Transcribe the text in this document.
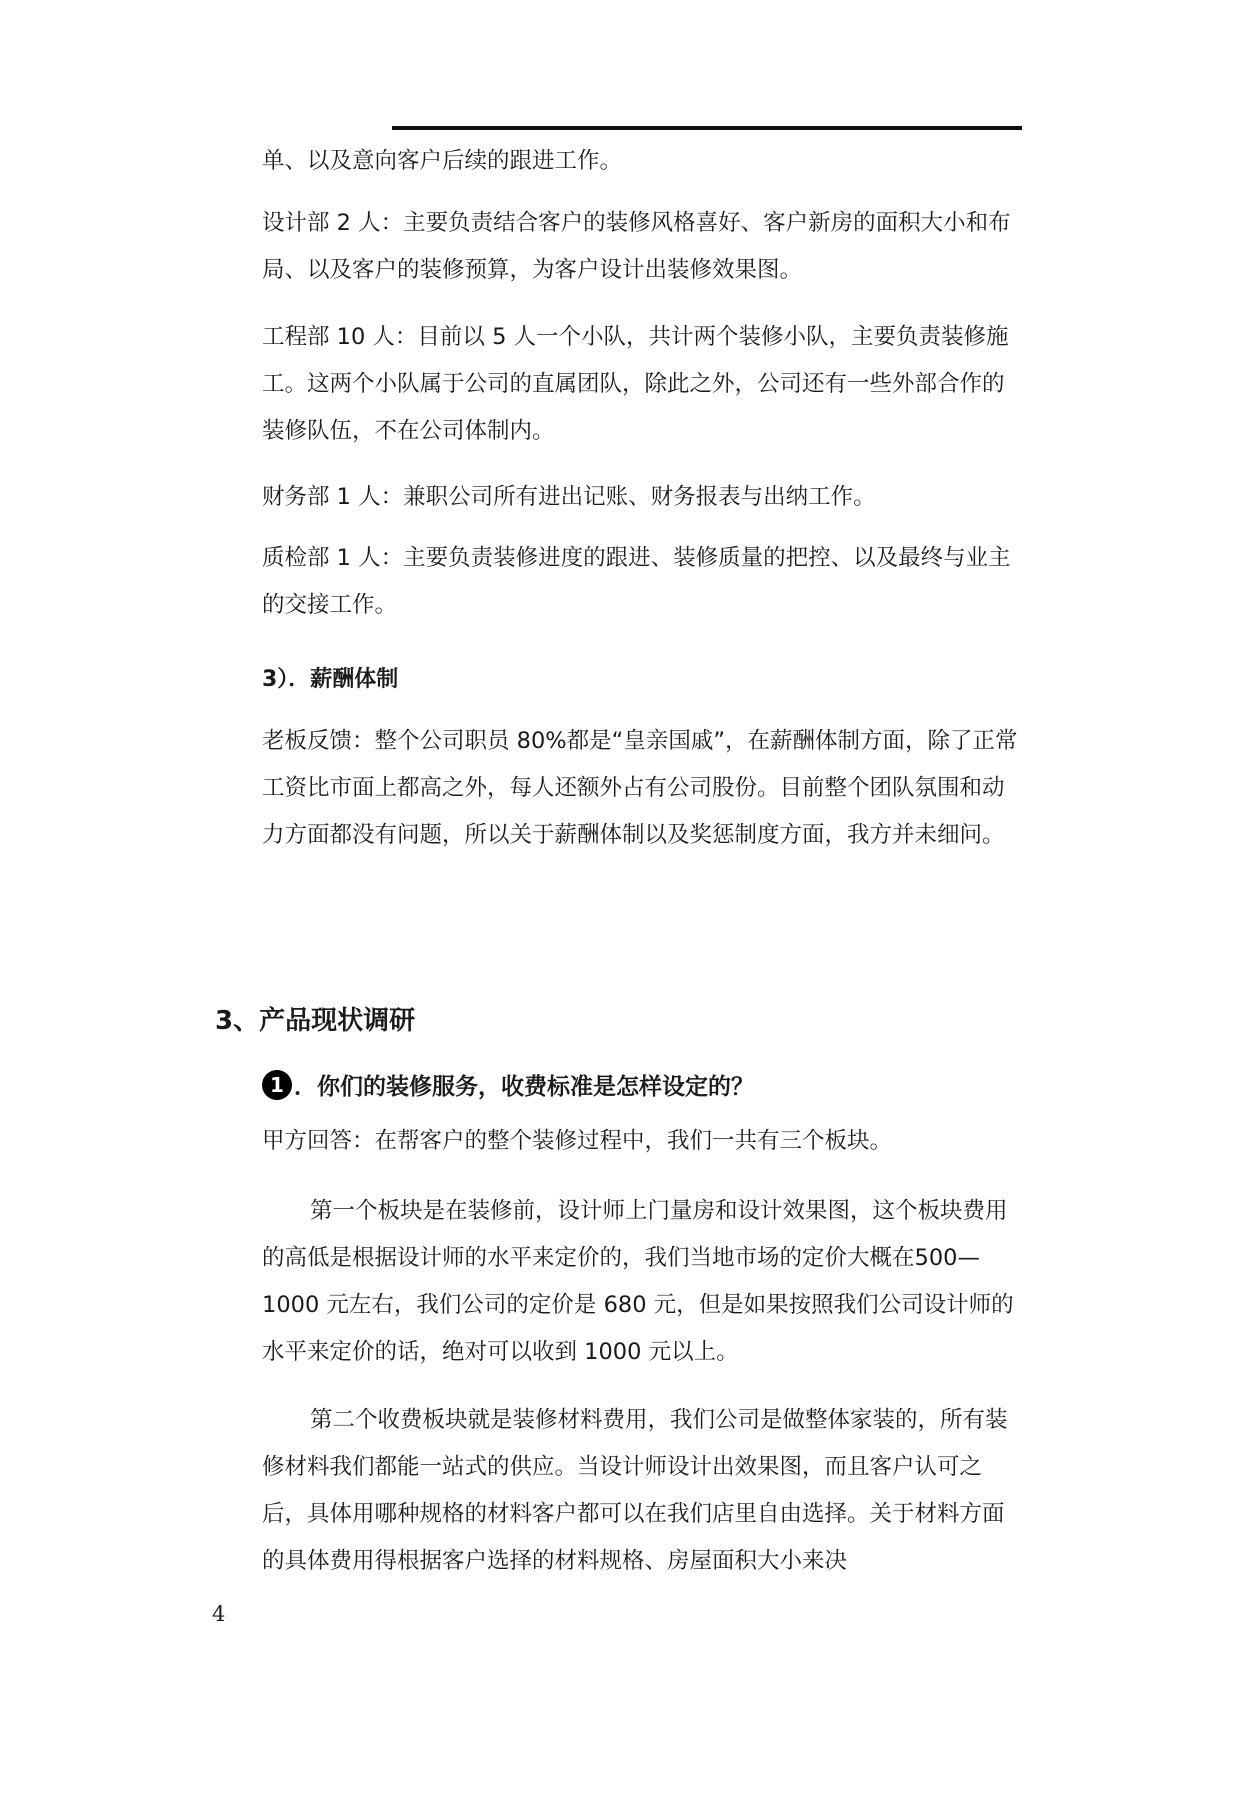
单、以及意向客户后续的跟进工作。

设计部 2 人：主要负责结合客户的装修风格喜好、客户新房的面积大小和布局、以及客户的装修预算，为客户设计出装修效果图。

工程部 10 人：目前以 5 人一个小队，共计两个装修小队，主要负责装修施工。这两个小队属于公司的直属团队，除此之外，公司还有一些外部合作的装修队伍，不在公司体制内。

财务部 1 人：兼职公司所有进出记账、财务报表与出纳工作。

质检部 1 人：主要负责装修进度的跟进、装修质量的把控、以及最终与业主的交接工作。

3）．薪酬体制

老板反馈：整个公司职员 80%都是“皇亲国戚”，在薪酬体制方面，除了正常工资比市面上都高之外，每人还额外占有公司股份。目前整个团队氛围和动力方面都没有问题，所以关于薪酬体制以及奖惩制度方面，我方并未细问。

3、产品现状调研
1 ．你们的装修服务，收费标准是怎样设定的？

甲方回答：在帮客户的整个装修过程中，我们一共有三个板块。

第一个板块是在装修前，设计师上门量房和设计效果图，这个板块费用的高低是根据设计师的水平来定价的，我们当地市场的定价大概在500—1000 元左右，我们公司的定价是 680 元，但是如果按照我们公司设计师的水平来定价的话，绝对可以收到 1000 元以上。

第二个收费板块就是装修材料费用，我们公司是做整体家装的，所有装修材料我们都能一站式的供应。当设计师设计出效果图，而且客户认可之后，具体用哪种规格的材料客户都可以在我们店里自由选择。关于材料方面的具体费用得根据客户选择的材料规格、房屋面积大小来决

4
